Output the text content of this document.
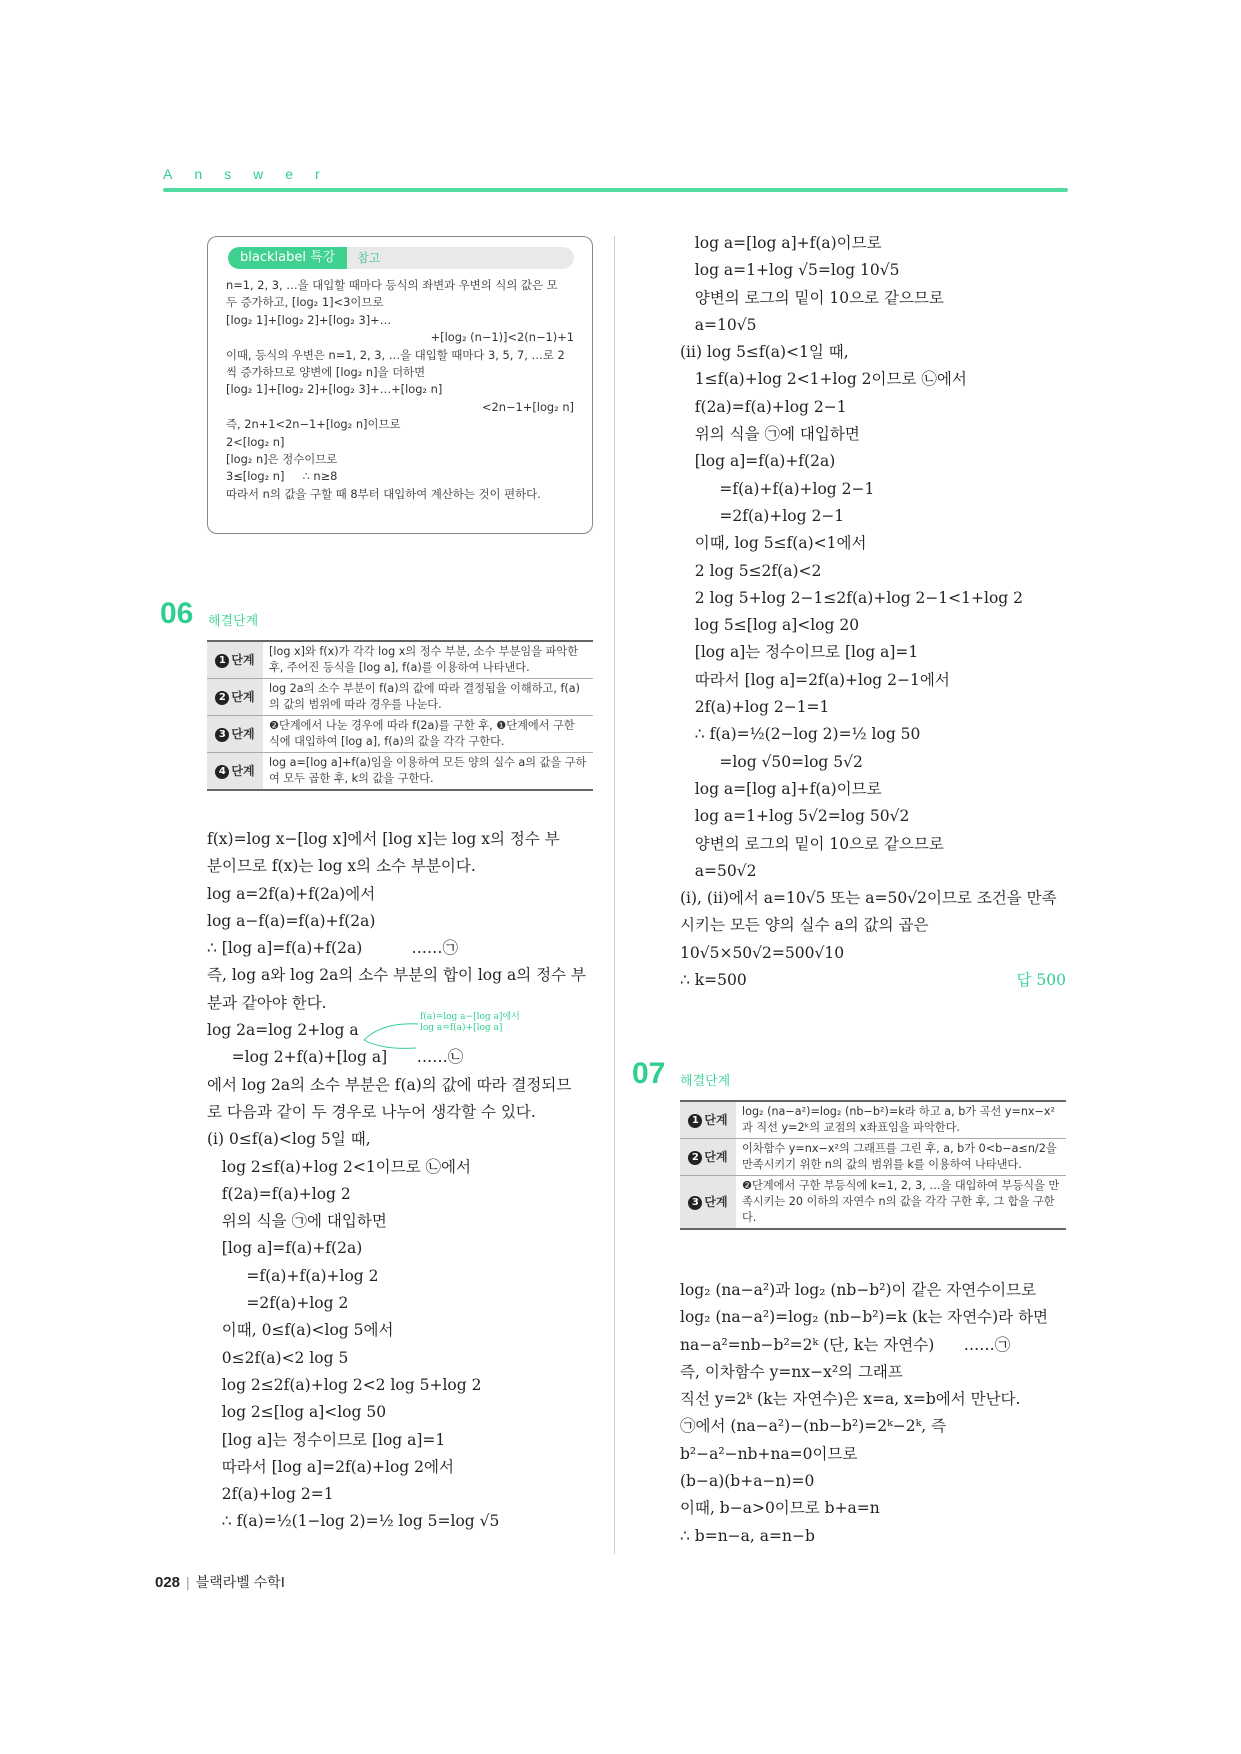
Answer
blacklabel 특강	참고
n=1, 2, 3, …을 대입할 때마다 등식의 좌변과 우변의 식의 값은 모
두 증가하고, [log₂ 1]<3이므로
[log₂ 1]+[log₂ 2]+[log₂ 3]+…
+[log₂ (n−1)]<2(n−1)+1
이때, 등식의 우변은 n=1, 2, 3, …을 대입할 때마다 3, 5, 7, …로 2
씩 증가하므로 양변에 [log₂ n]을 더하면
[log₂ 1]+[log₂ 2]+[log₂ 3]+…+[log₂ n]
<2n−1+[log₂ n]
즉, 2n+1<2n−1+[log₂ n]이므로
2<[log₂ n]
[log₂ n]은 정수이므로
3≤[log₂ n]     ∴ n≥8
따라서 n의 값을 구할 때 8부터 대입하여 계산하는 것이 편하다.
06 해결단계
1 단계	[log x]와 f(x)가 각각 log x의 정수 부분, 소수 부분임을 파악한 후, 주어진 등식을 [log a], f(a)를 이용하여 나타낸다.
2 단계	log 2a의 소수 부분이 f(a)의 값에 따라 결정됨을 이해하고, f(a)의 값의 범위에 따라 경우를 나눈다.
3 단계	❷단계에서 나눈 경우에 따라 f(2a)를 구한 후, ❶단계에서 구한 식에 대입하여 [log a], f(a)의 값을 각각 구한다.
4 단계	log a=[log a]+f(a)임을 이용하여 모든 양의 실수 a의 값을 구하여 모두 곱한 후, k의 값을 구한다.
f(x)=log x−[log x]에서 [log x]는 log x의 정수 부
분이므로 f(x)는 log x의 소수 부분이다.
log a=2f(a)+f(2a)에서
log a−f(a)=f(a)+f(2a)
∴ [log a]=f(a)+f(2a)          ……㉠
즉, log a와 log 2a의 소수 부분의 합이 log a의 정수 부
분과 같아야 한다.
log 2a=log 2+log a
=log 2+f(a)+[log a]      ……㉡
에서 log 2a의 소수 부분은 f(a)의 값에 따라 결정되므
로 다음과 같이 두 경우로 나누어 생각할 수 있다.
(ⅰ) 0≤f(a)<log 5일 때,
log 2≤f(a)+log 2<1이므로 ㉡에서
f(2a)=f(a)+log 2
위의 식을 ㉠에 대입하면
[log a]=f(a)+f(2a)
=f(a)+f(a)+log 2
=2f(a)+log 2
이때, 0≤f(a)<log 5에서
0≤2f(a)<2 log 5
log 2≤2f(a)+log 2<2 log 5+log 2
log 2≤[log a]<log 50
[log a]는 정수이므로 [log a]=1
따라서 [log a]=2f(a)+log 2에서
2f(a)+log 2=1
∴ f(a)=½(1−log 2)=½ log 5=log √5
f(a)=log a−[log a]에서
log a=f(a)+[log a]
log a=[log a]+f(a)이므로
log a=1+log √5=log 10√5
양변의 로그의 밑이 10으로 같으므로
a=10√5
(ⅱ) log 5≤f(a)<1일 때,
1≤f(a)+log 2<1+log 2이므로 ㉡에서
f(2a)=f(a)+log 2−1
위의 식을 ㉠에 대입하면
[log a]=f(a)+f(2a)
=f(a)+f(a)+log 2−1
=2f(a)+log 2−1
이때, log 5≤f(a)<1에서
2 log 5≤2f(a)<2
2 log 5+log 2−1≤2f(a)+log 2−1<1+log 2
log 5≤[log a]<log 20
[log a]는 정수이므로 [log a]=1
따라서 [log a]=2f(a)+log 2−1에서
2f(a)+log 2−1=1
∴ f(a)=½(2−log 2)=½ log 50
=log √50=log 5√2
log a=[log a]+f(a)이므로
log a=1+log 5√2=log 50√2
양변의 로그의 밑이 10으로 같으므로
a=50√2
(ⅰ), (ⅱ)에서 a=10√5 또는 a=50√2이므로 조건을 만족
시키는 모든 양의 실수 a의 값의 곱은
10√5×50√2=500√10
∴ k=500	답 500
07 해결단계
1 단계	log₂ (na−a²)=log₂ (nb−b²)=k라 하고 a, b가 곡선 y=nx−x²과 직선 y=2ᵏ의 교점의 x좌표임을 파악한다.
2 단계	이차함수 y=nx−x²의 그래프를 그린 후, a, b가 0<b−a≤n/2을 만족시키기 위한 n의 값의 범위를 k를 이용하여 나타낸다.
3 단계	❷단계에서 구한 부등식에 k=1, 2, 3, …을 대입하여 부등식을 만족시키는 20 이하의 자연수 n의 값을 각각 구한 후, 그 합을 구한다.
log₂ (na−a²)과 log₂ (nb−b²)이 같은 자연수이므로
log₂ (na−a²)=log₂ (nb−b²)=k (k는 자연수)라 하면
na−a²=nb−b²=2ᵏ (단, k는 자연수)      ……㉠
즉, 이차함수 y=nx−x²의 그래프
직선 y=2ᵏ (k는 자연수)은 x=a, x=b에서 만난다.
㉠에서 (na−a²)−(nb−b²)=2ᵏ−2ᵏ, 즉
b²−a²−nb+na=0이므로
(b−a)(b+a−n)=0
이때, b−a>0이므로 b+a=n
∴ b=n−a, a=n−b
028 | 블랙라벨 수학Ⅰ
